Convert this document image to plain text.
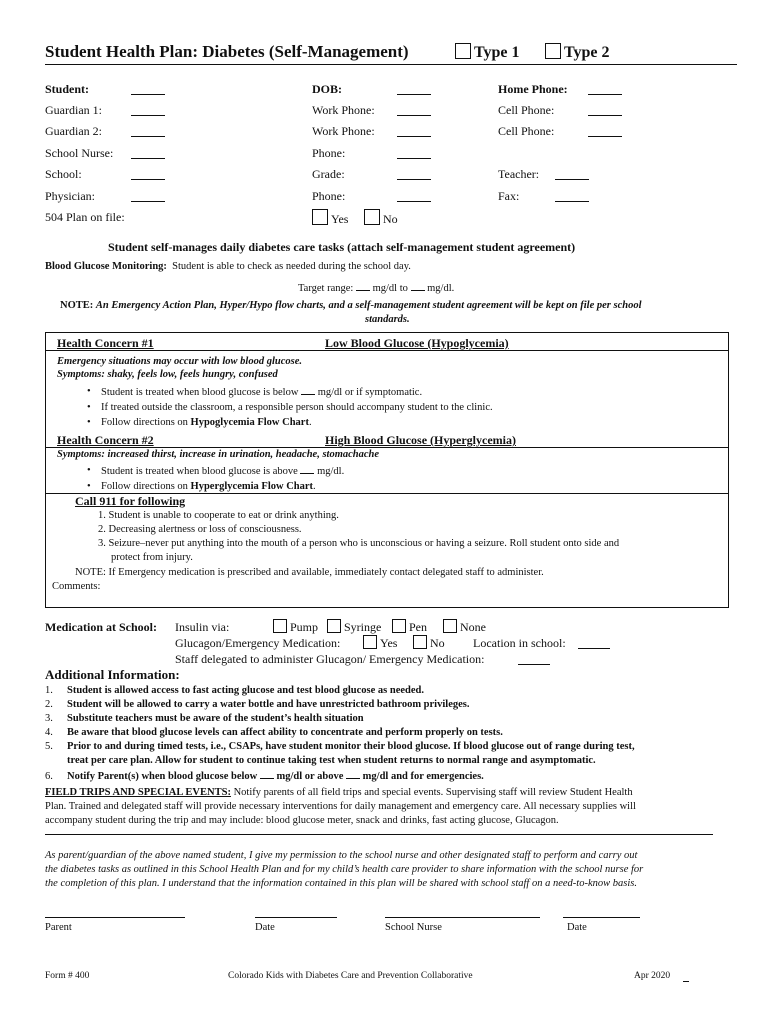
Student Health Plan: Diabetes (Self-Management)	Type 1	Type 2
Student:	DOB:	Home Phone:
Guardian 1:	Work Phone:	Cell Phone:
Guardian 2:	Work Phone:	Cell Phone:
School Nurse:	Phone:
School:	Grade:	Teacher:
Physician:	Phone:	Fax:
504 Plan on file:	Yes	No
Student self-manages daily diabetes care tasks (attach self-management student agreement)
Blood Glucose Monitoring: Student is able to check as needed during the school day.
Target range: mg/dl to mg/dl.
NOTE: An Emergency Action Plan, Hyper/Hypo flow charts, and a self-management student agreement will be kept on file per school
standards.
Health Concern #1	Low Blood Glucose (Hypoglycemia)
Emergency situations may occur with low blood glucose.
Symptoms: shaky, feels low, feels hungry, confused
• Student is treated when blood glucose is below mg/dl or if symptomatic.
• If treated outside the classroom, a responsible person should accompany student to the clinic.
• Follow directions on Hypoglycemia Flow Chart.
Health Concern #2	High Blood Glucose (Hyperglycemia)
Symptoms: increased thirst, increase in urination, headache, stomachache
• Student is treated when blood glucose is above mg/dl.
• Follow directions on Hyperglycemia Flow Chart.
Call 911 for following
1. Student is unable to cooperate to eat or drink anything.
2. Decreasing alertness or loss of consciousness.
3. Seizure–never put anything into the mouth of a person who is unconscious or having a seizure. Roll student onto side and
protect from injury.
NOTE: If Emergency medication is prescribed and available, immediately contact delegated staff to administer.
Comments:
Medication at School: Insulin via:	Pump	Syringe	Pen	None
Glucagon/Emergency Medication:	Yes	No Location in school:
Staff delegated to administer Glucagon/ Emergency Medication:
Additional Information:
1. Student is allowed access to fast acting glucose and test blood glucose as needed.
2. Student will be allowed to carry a water bottle and have unrestricted bathroom privileges.
3. Substitute teachers must be aware of the student’s health situation
4. Be aware that blood glucose levels can affect ability to concentrate and perform properly on tests.
5. Prior to and during timed tests, i.e., CSAPs, have student monitor their blood glucose. If blood glucose out of range during test,
treat per care plan. Allow for student to continue taking test when student returns to normal range and asymptomatic.
6. Notify Parent(s) when blood glucose below mg/dl or above mg/dl and for emergencies.
FIELD TRIPS AND SPECIAL EVENTS: Notify parents of all field trips and special events. Supervising staff will review Student Health
Plan. Trained and delegated staff will provide necessary interventions for daily management and emergency care. All necessary supplies will
accompany student during the trip and may include: blood glucose meter, snack and drinks, fast acting glucose, Glucagon.
As parent/guardian of the above named student, I give my permission to the school nurse and other designated staff to perform and carry out
the diabetes tasks as outlined in this School Health Plan and for my child’s health care provider to share information with the school nurse for
the completion of this plan. I understand that the information contained in this plan will be shared with school staff on a need-to-know basis.
Parent	Date	School Nurse	Date
Form # 400	Colorado Kids with Diabetes Care and Prevention Collaborative	Apr 2020
